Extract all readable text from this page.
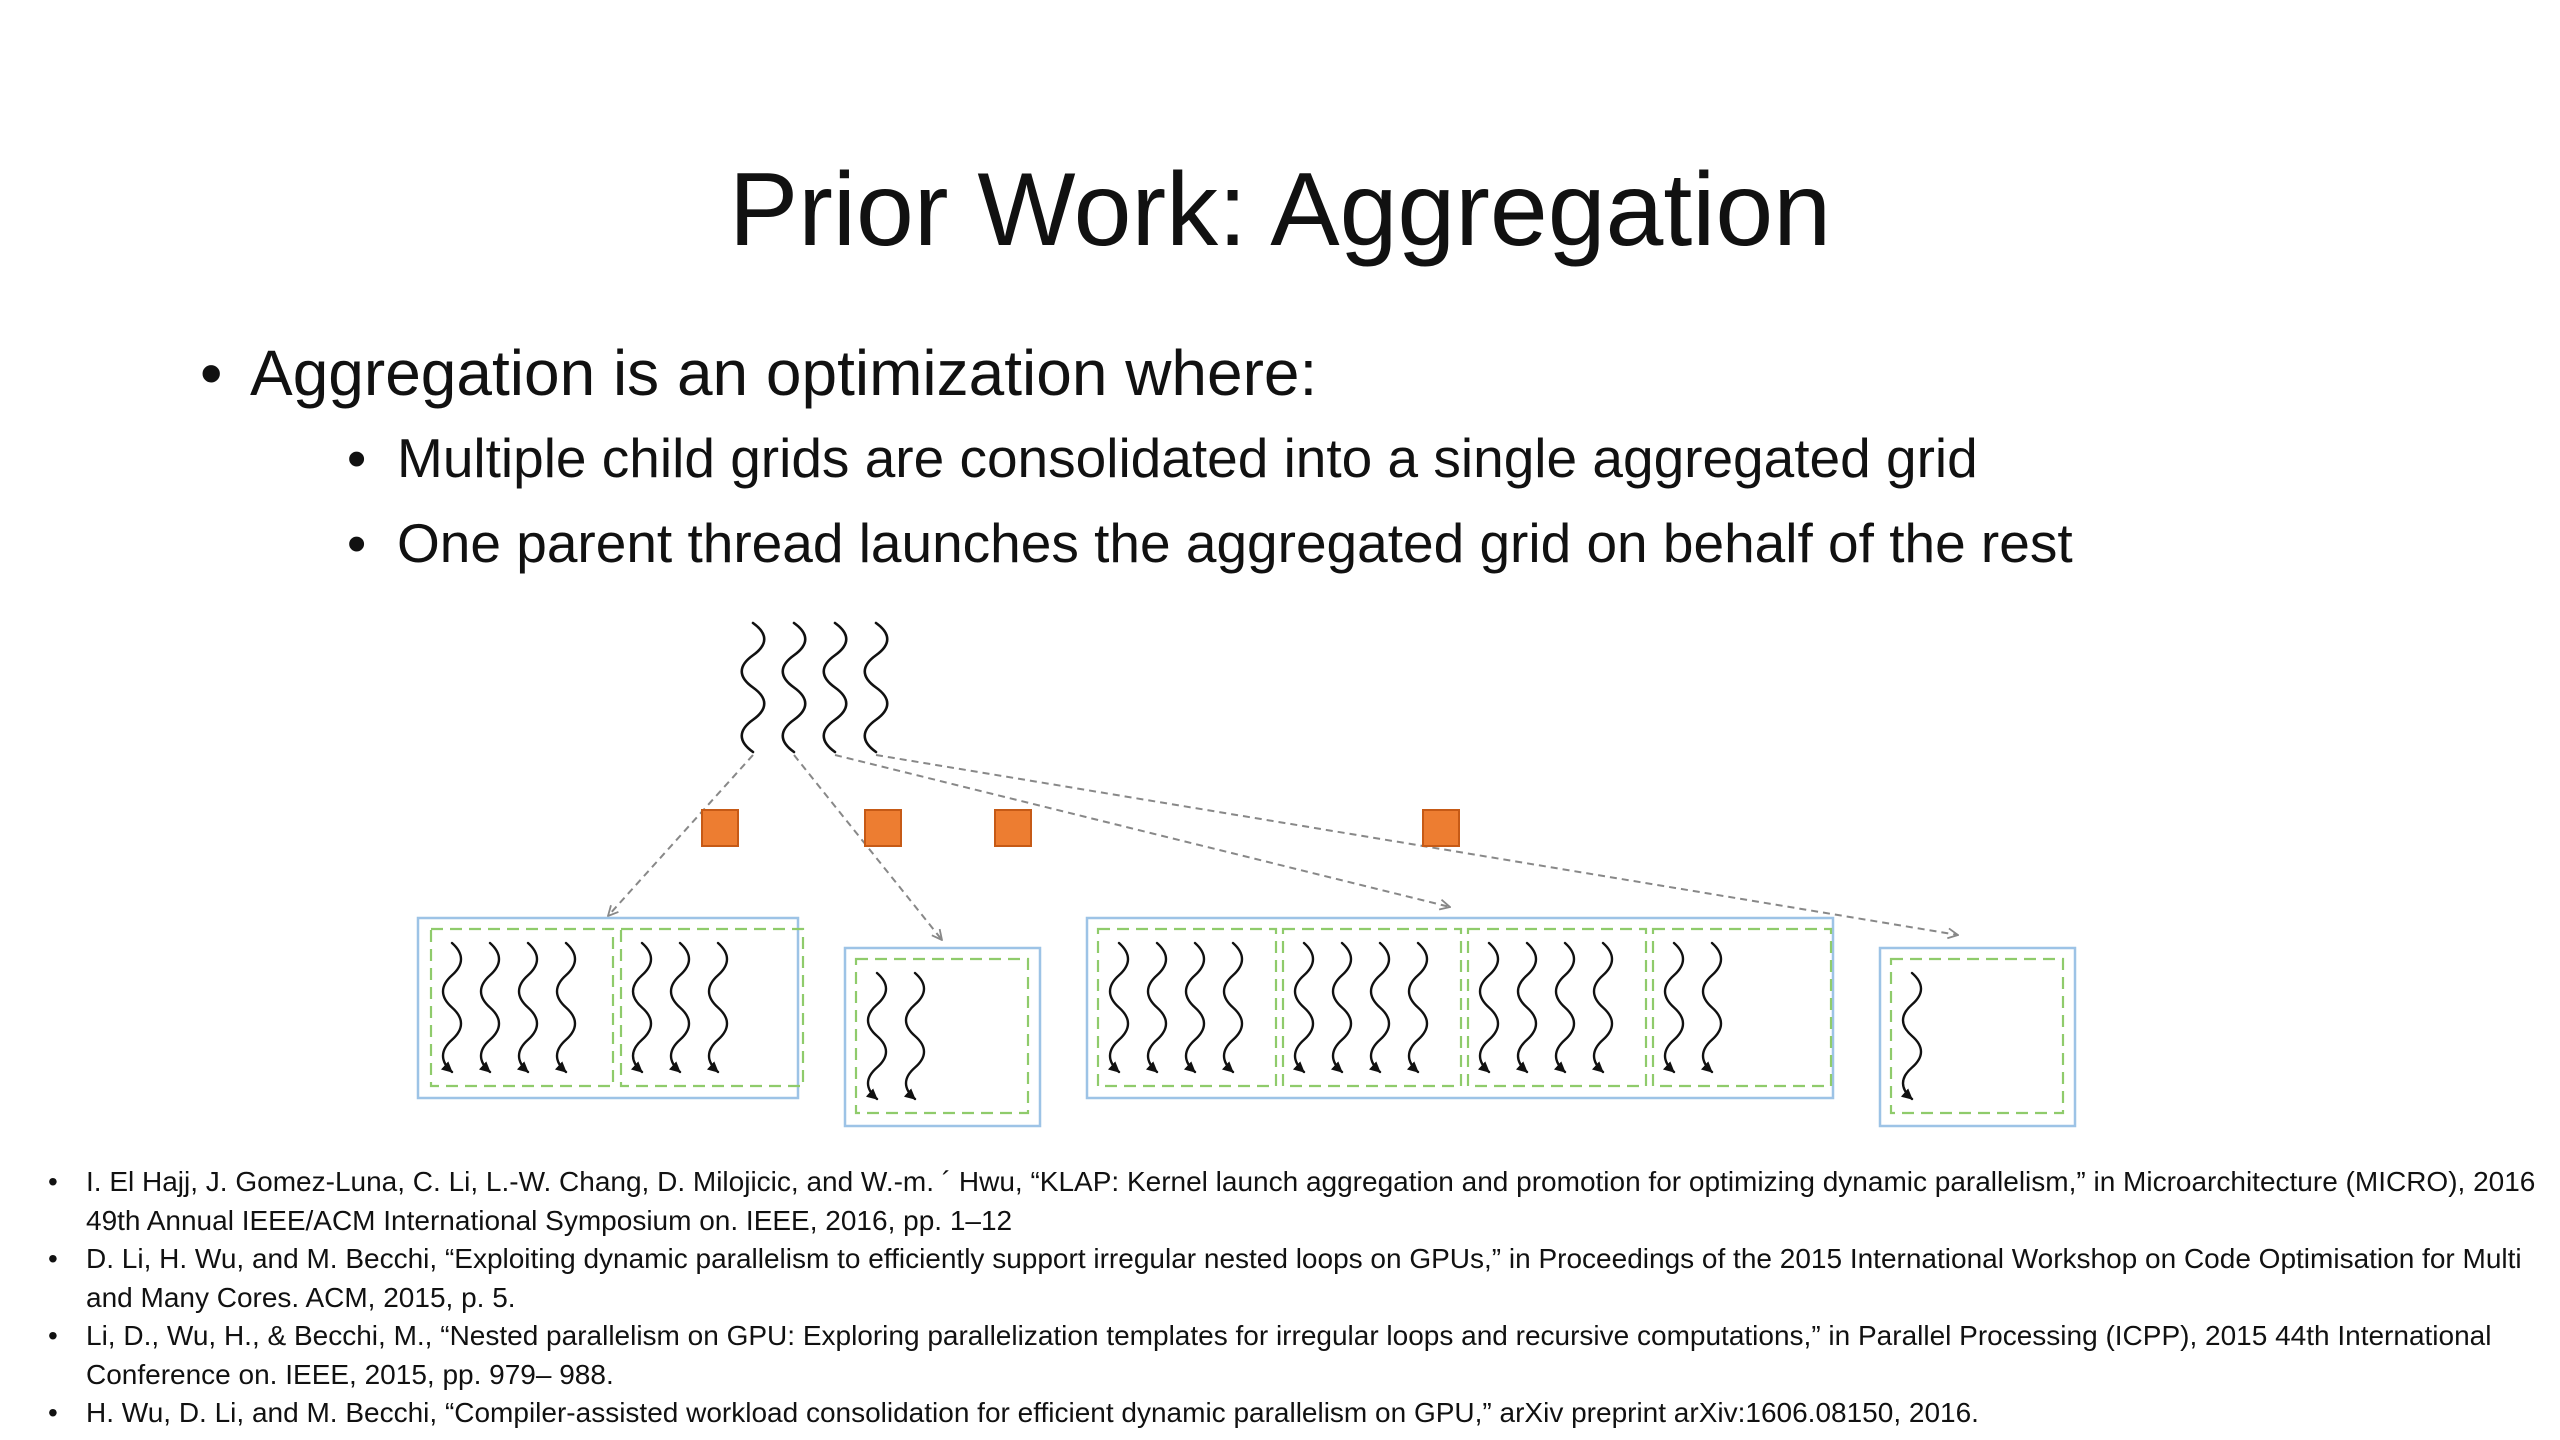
Prior Work: Aggregation
• Aggregation is an optimization where:
• Multiple child grids are consolidated into a single aggregated grid
• One parent thread launches the aggregated grid on behalf of the rest
• I. El Hajj, J. Gomez-Luna, C. Li, L.-W. Chang, D. Milojicic, and W.-m. ´ Hwu, “KLAP: Kernel launch aggregation and promotion for optimizing dynamic parallelism,” in Microarchitecture (MICRO), 2016 49th Annual IEEE/ACM International Symposium on. IEEE, 2016, pp. 1–12
• D. Li, H. Wu, and M. Becchi, “Exploiting dynamic parallelism to efficiently support irregular nested loops on GPUs,” in Proceedings of the 2015 International Workshop on Code Optimisation for Multi and Many Cores. ACM, 2015, p. 5.
• Li, D., Wu, H., & Becchi, M., “Nested parallelism on GPU: Exploring parallelization templates for irregular loops and recursive computations,” in Parallel Processing (ICPP), 2015 44th International Conference on. IEEE, 2015, pp. 979– 988.
• H. Wu, D. Li, and M. Becchi, “Compiler-assisted workload consolidation for efficient dynamic parallelism on GPU,” arXiv preprint arXiv:1606.08150, 2016.
